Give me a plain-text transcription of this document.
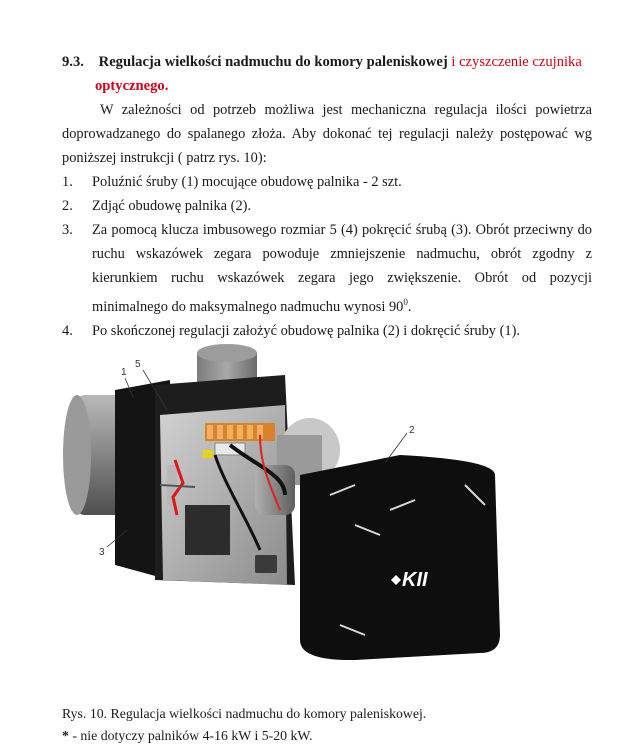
9.3. Regulacja wielkości nadmuchu do komory paleniskowej i czyszczenie czujnika
optycznego.
W zależności od potrzeb możliwa jest mechaniczna regulacja ilości powietrza doprowadzanego do spalanego złoża. Aby dokonać tej regulacji należy postępować wg poniższej instrukcji ( patrz rys. 10):
1. Poluźnić śruby (1) mocujące obudowę palnika - 2 szt.
2. Zdjąć obudowę palnika (2).
3. Za pomocą klucza imbusowego rozmiar 5 (4) pokręcić śrubą (3). Obrót przeciwny do ruchu wskazówek zegara powoduje zmniejszenie nadmuchu, obrót zgodny z kierunkiem ruchu wskazówek zegara jego zwiększenie. Obrót od pozycji minimalnego do maksymalnego nadmuchu wynosi $90^0$.
4. Po skończonej regulacji założyć obudowę palnika (2) i dokręcić śruby (1).
KII
5
1
2
3
Rys. 10. Regulacja wielkości nadmuchu do komory paleniskowej.
* - nie dotyczy palników 4-16 kW i 5-20 kW.
